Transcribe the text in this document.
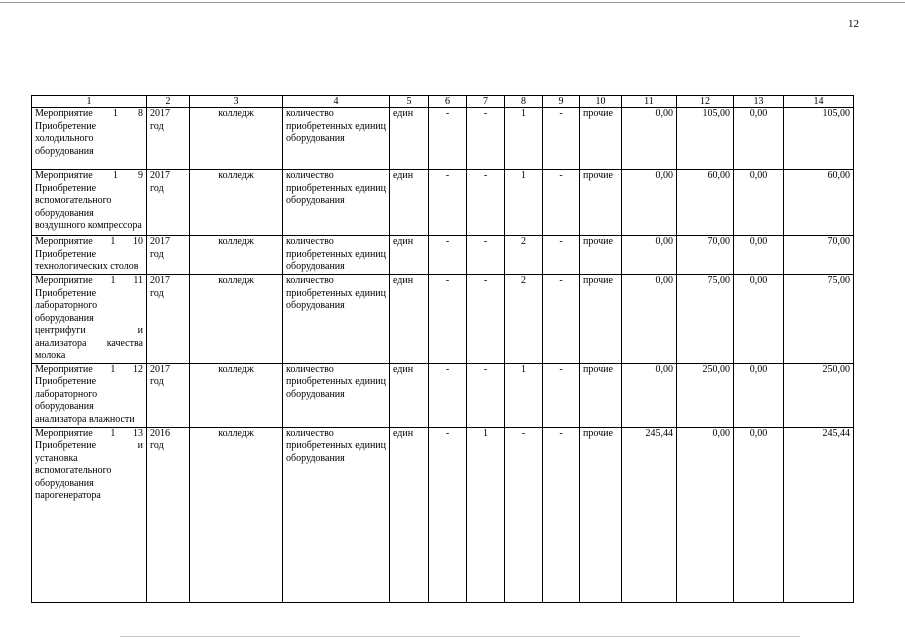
12
1	2	3	4	5	6	7	8	9	10	11	12	13	14
Мероприятие 1 8 Приобретение холодильного оборудования	2017 год	колледж	количество приобретенных единиц оборудования	един	-	-	1	-	прочие	0,00	105,00	0,00	105,00
Мероприятие 1 9 Приобретение вспомогательного оборудования воздушного компрессора	2017 год	колледж	количество приобретенных единиц оборудования	един	-	-	1	-	прочие	0,00	60,00	0,00	60,00
Мероприятие 1 10 Приобретение технологических столов	2017 год	колледж	количество приобретенных единиц оборудования	един	-	-	2	-	прочие	0,00	70,00	0,00	70,00
Мероприятие 1 11 Приобретение лабораторного оборудования центрифуги и анализатора качества молока	2017 год	колледж	количество приобретенных единиц оборудования	един	-	-	2	-	прочие	0,00	75,00	0,00	75,00
Мероприятие 1 12 Приобретение лабораторного оборудования анализатора влажности	2017 год	колледж	количество приобретенных единиц оборудования	един	-	-	1	-	прочие	0,00	250,00	0,00	250,00
Мероприятие 1 13 Приобретение и установка вспомогательного оборудования парогенератора	2016 год	колледж	количество приобретенных единиц оборудования	един	-	1	-	-	прочие	245,44	0,00	0,00	245,44
